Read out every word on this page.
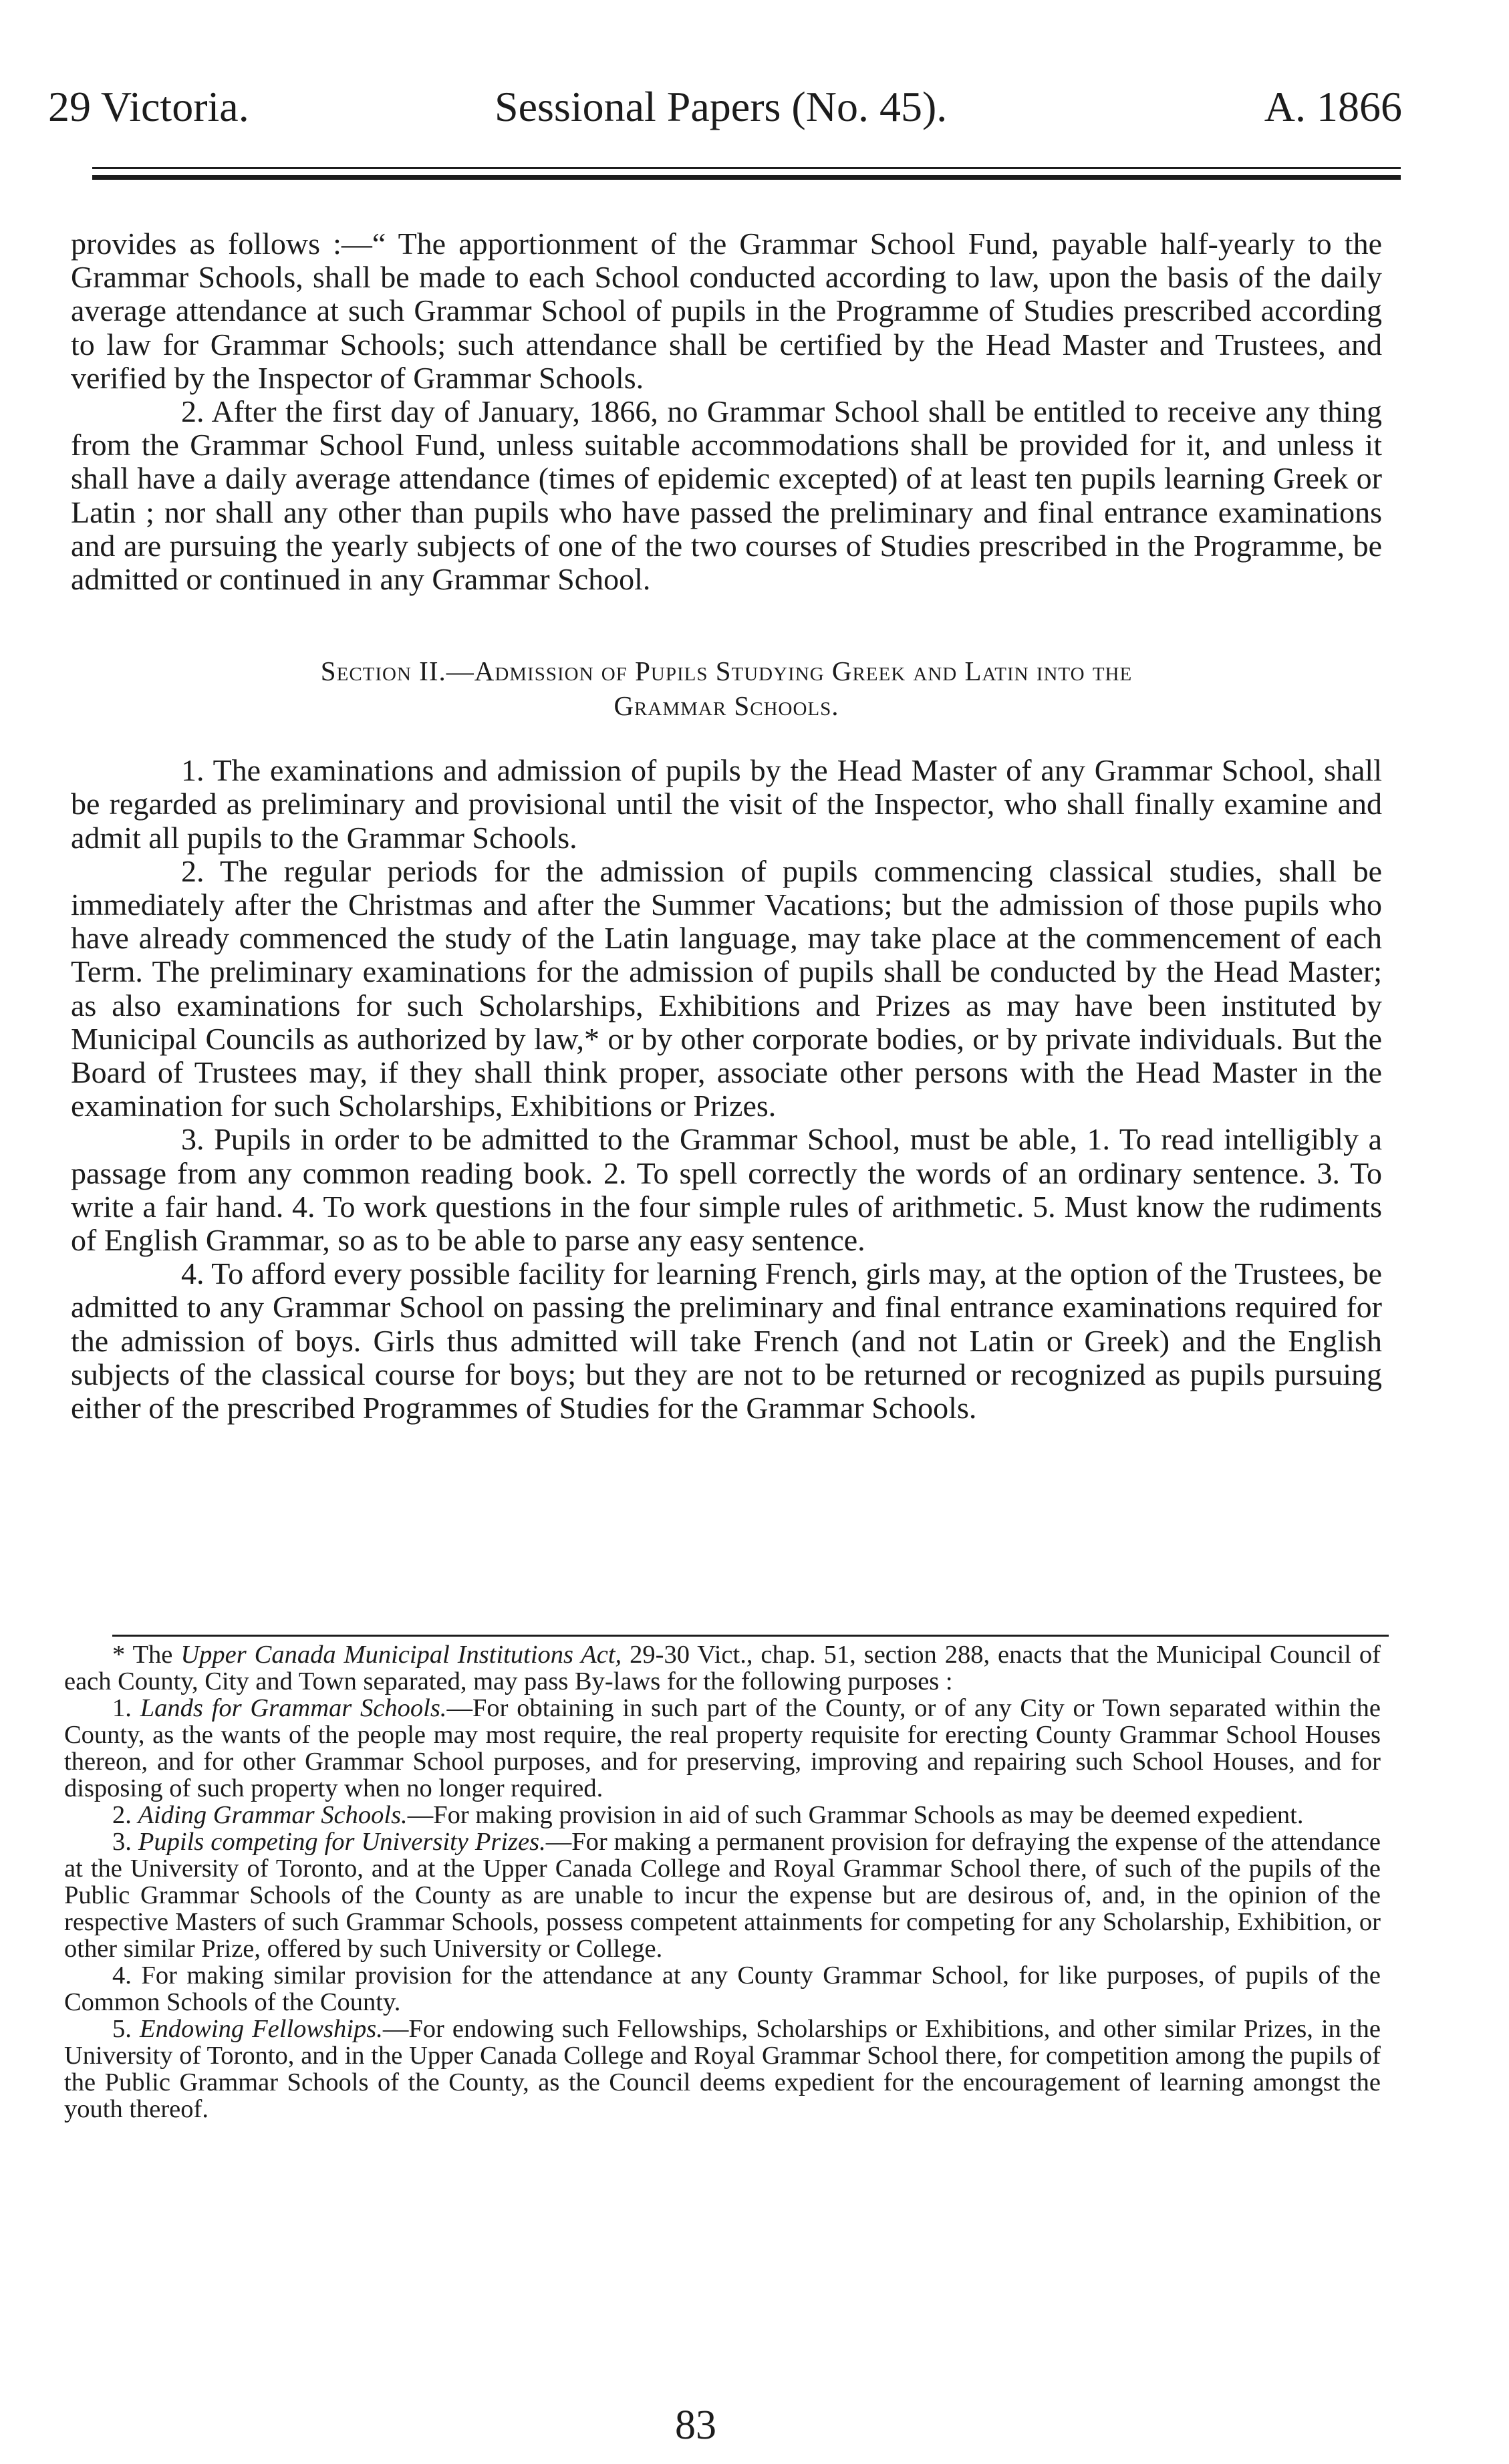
29 Victoria.	Sessional Papers (No. 45).	A. 1866

provides as follows :—“ The apportionment of the Grammar School Fund, payable half-yearly to the Grammar Schools, shall be made to each School conducted according to law, upon the basis of the daily average attendance at such Grammar School of pupils in the Programme of Studies prescribed according to law for Grammar Schools; such attendance shall be certified by the Head Master and Trustees, and verified by the Inspector of Grammar Schools.

2. After the first day of January, 1866, no Grammar School shall be entitled to receive any thing from the Grammar School Fund, unless suitable accommodations shall be provided for it, and unless it shall have a daily average attendance (times of epidemic excepted) of at least ten pupils learning Greek or Latin ; nor shall any other than pupils who have passed the preliminary and final entrance examinations and are pursuing the yearly subjects of one of the two courses of Studies prescribed in the Programme, be admitted or continued in any Grammar School.

Section II.—Admission of Pupils Studying Greek and Latin into the
Grammar Schools.

1. The examinations and admission of pupils by the Head Master of any Grammar School, shall be regarded as preliminary and provisional until the visit of the Inspector, who shall finally examine and admit all pupils to the Grammar Schools.

2. The regular periods for the admission of pupils commencing classical studies, shall be immediately after the Christmas and after the Summer Vacations; but the admission of those pupils who have already commenced the study of the Latin language, may take place at the commencement of each Term. The preliminary examinations for the admission of pupils shall be conducted by the Head Master; as also examinations for such Scholarships, Exhibitions and Prizes as may have been instituted by Municipal Councils as authorized by law,* or by other corporate bodies, or by private individuals. But the Board of Trustees may, if they shall think proper, associate other persons with the Head Master in the examination for such Scholarships, Exhibitions or Prizes.

3. Pupils in order to be admitted to the Grammar School, must be able, 1. To read intelligibly a passage from any common reading book. 2. To spell correctly the words of an ordinary sentence. 3. To write a fair hand. 4. To work questions in the four simple rules of arithmetic. 5. Must know the rudiments of English Grammar, so as to be able to parse any easy sentence.

4. To afford every possible facility for learning French, girls may, at the option of the Trustees, be admitted to any Grammar School on passing the preliminary and final entrance examinations required for the admission of boys. Girls thus admitted will take French (and not Latin or Greek) and the English subjects of the classical course for boys; but they are not to be returned or recognized as pupils pursuing either of the prescribed Programmes of Studies for the Grammar Schools.

* The Upper Canada Municipal Institutions Act, 29-30 Vict., chap. 51, section 288, enacts that the Municipal Council of each County, City and Town separated, may pass By-laws for the following purposes :

1. Lands for Grammar Schools.—For obtaining in such part of the County, or of any City or Town separated within the County, as the wants of the people may most require, the real property requisite for erecting County Grammar School Houses thereon, and for other Grammar School purposes, and for preserving, improving and repairing such School Houses, and for disposing of such property when no longer required.

2. Aiding Grammar Schools.—For making provision in aid of such Grammar Schools as may be deemed expedient.

3. Pupils competing for University Prizes.—For making a permanent provision for defraying the expense of the attendance at the University of Toronto, and at the Upper Canada College and Royal Grammar School there, of such of the pupils of the Public Grammar Schools of the County as are unable to incur the expense but are desirous of, and, in the opinion of the respective Masters of such Grammar Schools, possess competent attainments for competing for any Scholarship, Exhibition, or other similar Prize, offered by such University or College.

4. For making similar provision for the attendance at any County Grammar School, for like purposes, of pupils of the Common Schools of the County.

5. Endowing Fellowships.—For endowing such Fellowships, Scholarships or Exhibitions, and other similar Prizes, in the University of Toronto, and in the Upper Canada College and Royal Grammar School there, for competition among the pupils of the Public Grammar Schools of the County, as the Council deems expedient for the encouragement of learning amongst the youth thereof.

83
